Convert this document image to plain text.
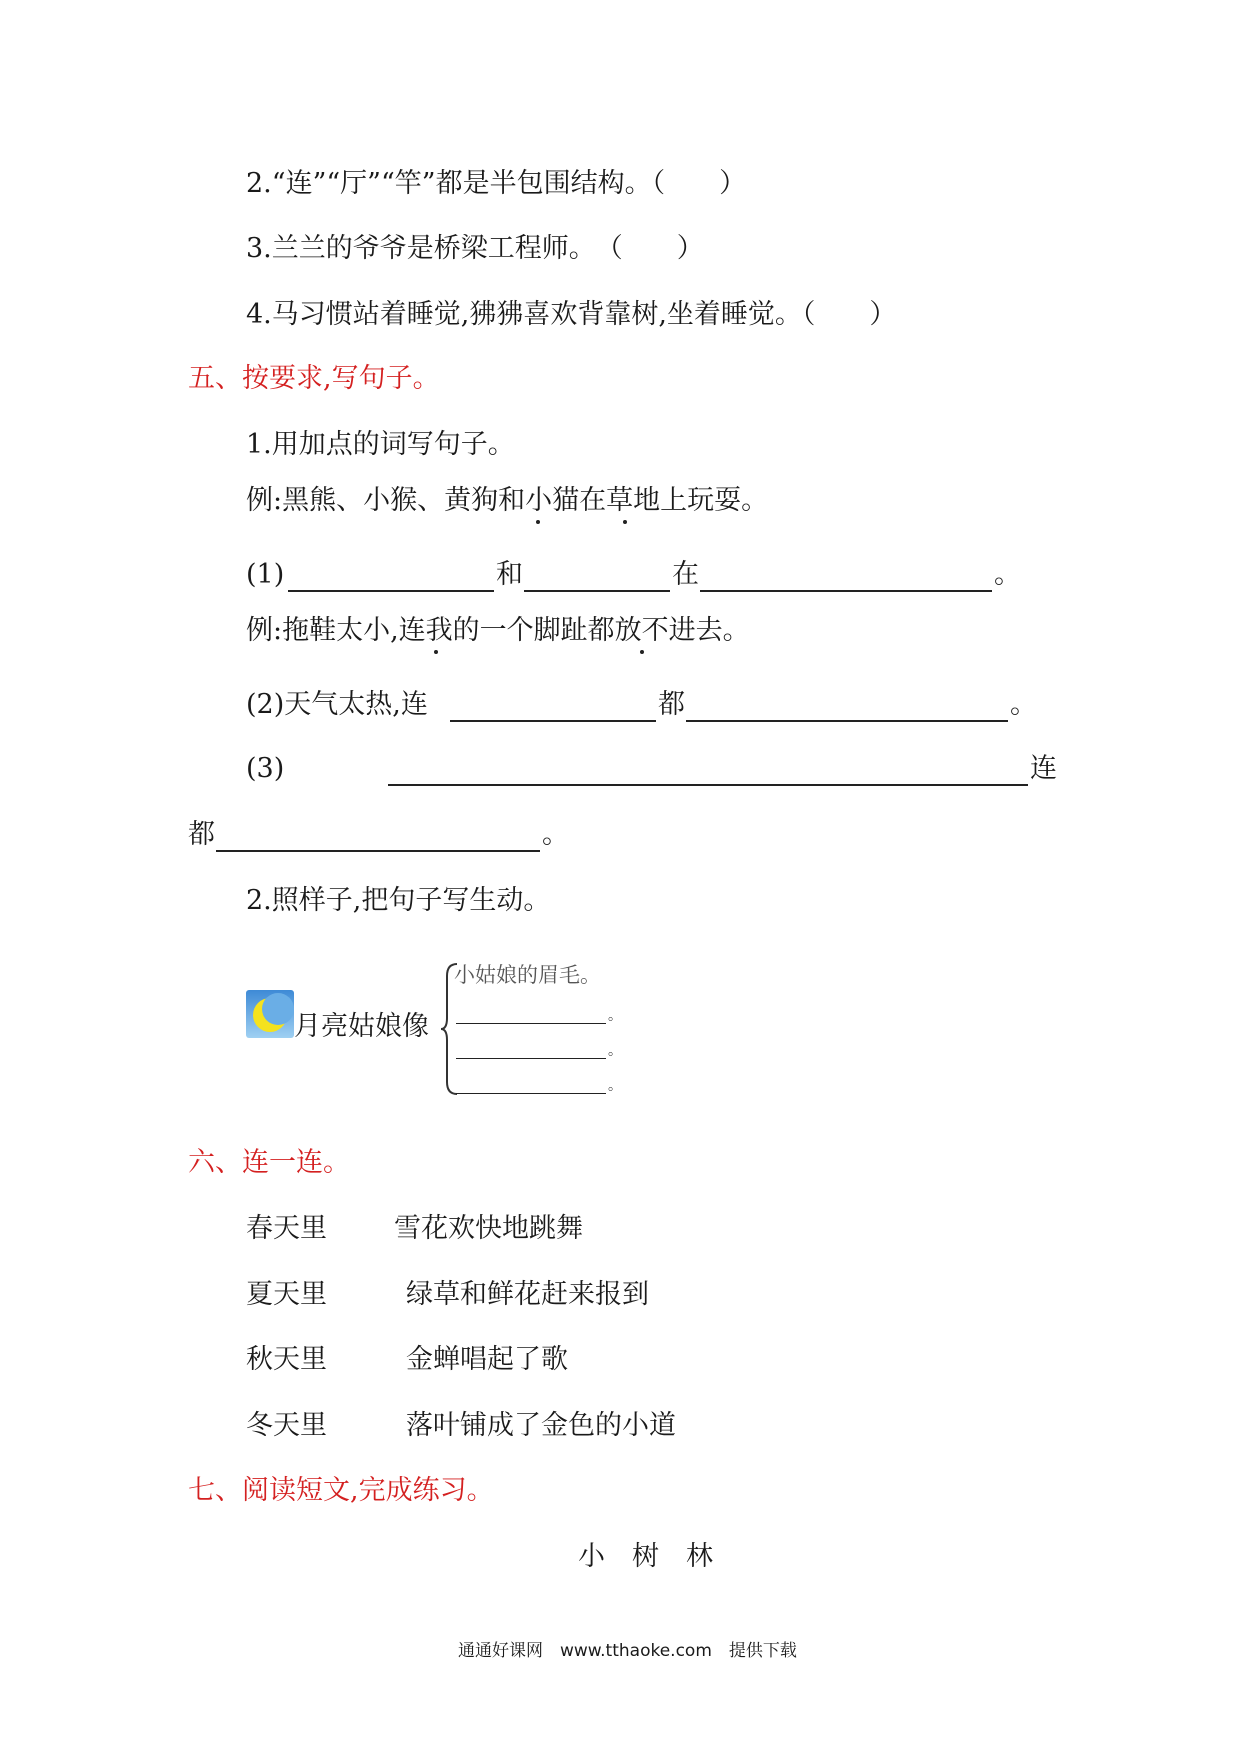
2.“连”“厅”“竿”都是半包围结构。（　　）
3.兰兰的爷爷是桥梁工程师。　（　　）
4.马习惯站着睡觉,狒狒喜欢背靠树,坐着睡觉。（　　）
五、按要求,写句子。
1.用加点的词写句子。
例:黑熊、小猴、黄狗和小猫在草地上玩耍。
(1)	和	在	。
例:拖鞋太小,连我的一个脚趾都放不进去。
(2)天气太热,连	都	。
(3)	连
都	。
2.照样子,把句子写生动。
月亮姑娘像
小姑娘的眉毛。
。
。
。
六、连一连。
春天里 雪花欢快地跳舞
夏天里	绿草和鲜花赶来报到
秋天里	金蝉唱起了歌
冬天里	落叶铺成了金色的小道
七、阅读短文,完成练习。
小　树　林
通通好课网　www.tthaoke.com　提供下载
